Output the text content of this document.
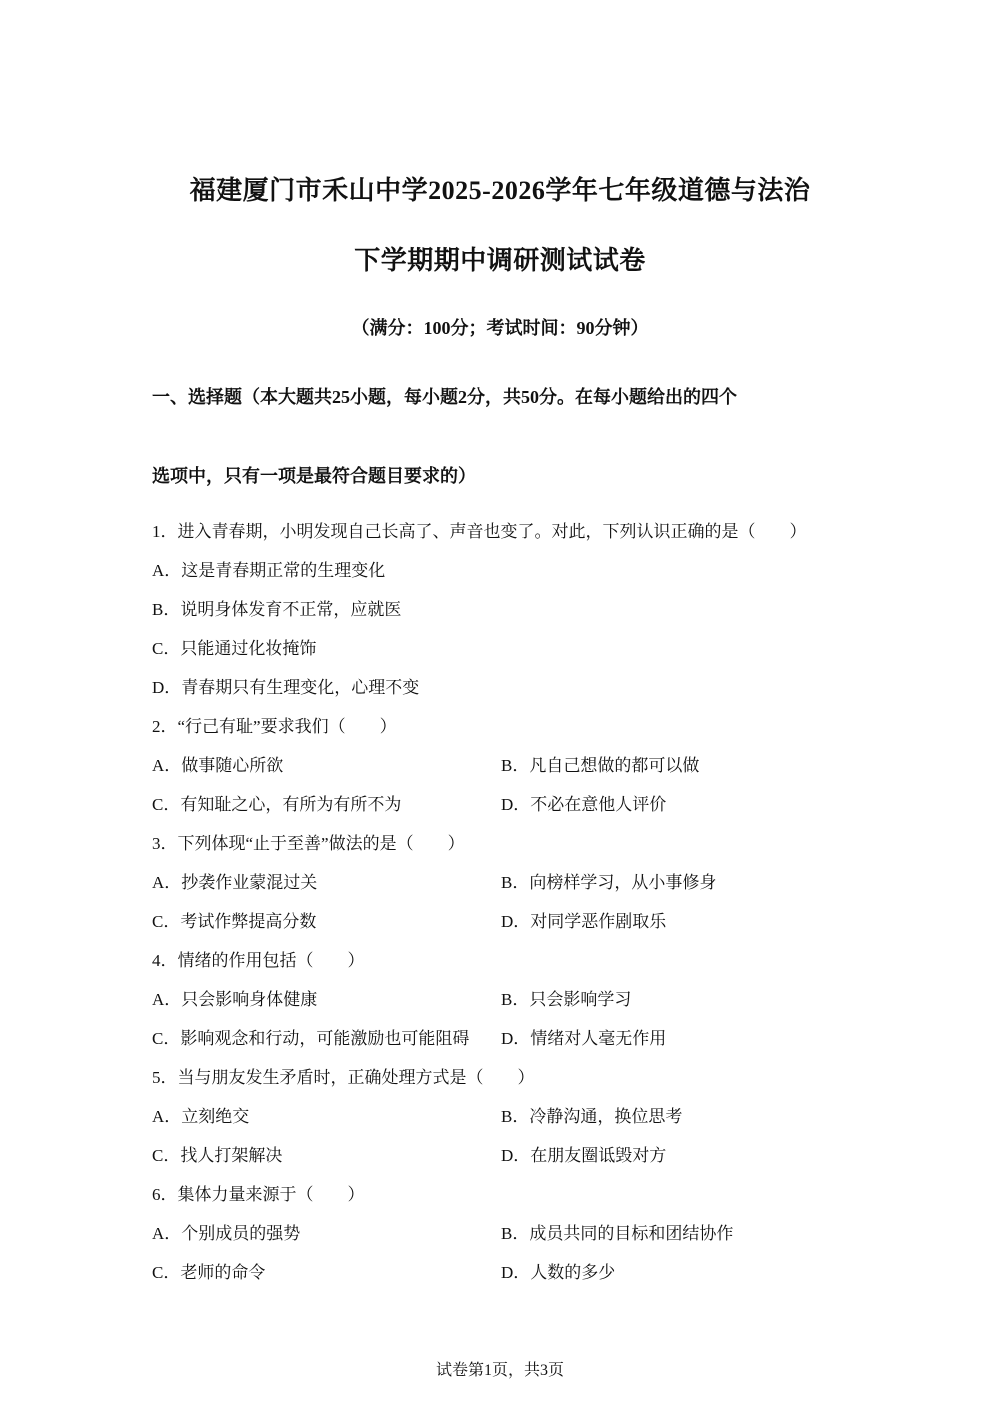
福建厦门市禾山中学2025-2026学年七年级道德与法治
下学期期中调研测试试卷
（满分：100分；考试时间：90分钟）
一、选择题（本大题共25小题，每小题2分，共50分。在每小题给出的四个
选项中，只有一项是最符合题目要求的）
1．进入青春期，小明发现自己长高了、声音也变了。对此，下列认识正确的是（　　）
A．这是青春期正常的生理变化
B．说明身体发育不正常，应就医
C．只能通过化妆掩饰
D．青春期只有生理变化，心理不变
2．“行己有耻”要求我们（　　）
A．做事随心所欲	B．凡自己想做的都可以做
C．有知耻之心，有所为有所不为	D．不必在意他人评价
3．下列体现“止于至善”做法的是（　　）
A．抄袭作业蒙混过关	B．向榜样学习，从小事修身
C．考试作弊提高分数	D．对同学恶作剧取乐
4．情绪的作用包括（　　）
A．只会影响身体健康	B．只会影响学习
C．影响观念和行动，可能激励也可能阻碍 D．情绪对人毫无作用
5．当与朋友发生矛盾时，正确处理方式是（　　）
A．立刻绝交	B．冷静沟通，换位思考
C．找人打架解决	D．在朋友圈诋毁对方
6．集体力量来源于（　　）
A．个别成员的强势	B．成员共同的目标和团结协作
C．老师的命令	D．人数的多少
试卷第1页，共3页
